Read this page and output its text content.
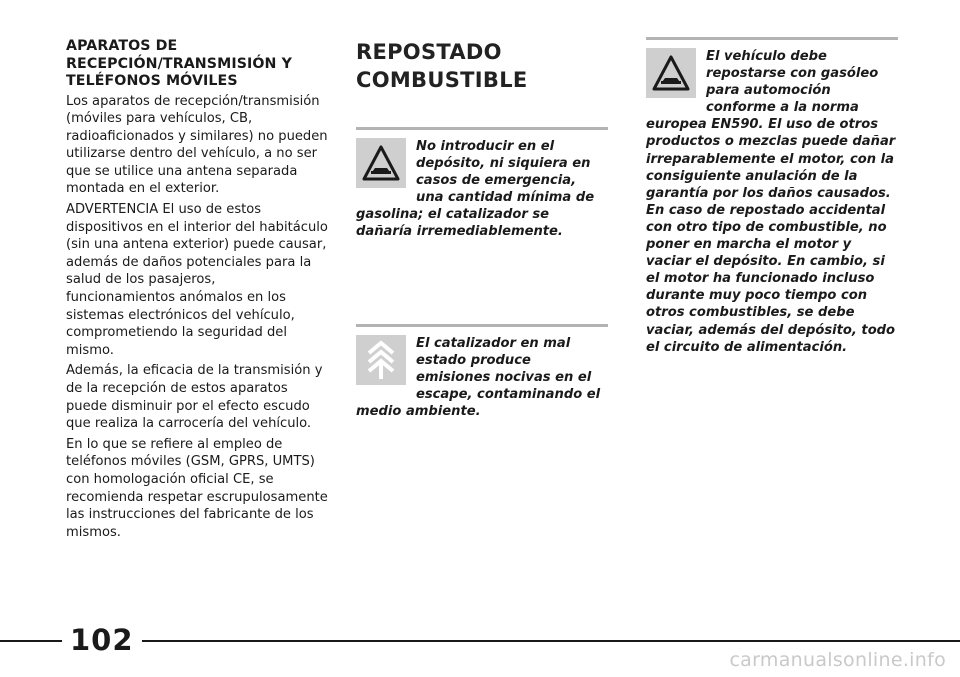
APARATOS DE RECEPCIÓN/TRANSMISIÓN Y TELÉFONOS MÓVILES

Los aparatos de recepción/transmisión (móviles para vehículos, CB, radioaficionados y similares) no pueden utilizarse dentro del vehículo, a no ser que se utilice una antena separada montada en el exterior.

ADVERTENCIA El uso de estos dispositivos en el interior del habitáculo (sin una antena exterior) puede causar, además de daños potenciales para la salud de los pasajeros, funcionamientos anómalos en los sistemas electrónicos del vehículo, comprometiendo la seguridad del mismo.

Además, la eficacia de la transmisión y de la recepción de estos aparatos puede disminuir por el efecto escudo que realiza la carrocería del vehículo.

En lo que se refiere al empleo de teléfonos móviles (GSM, GPRS, UMTS) con homologación oficial CE, se recomienda respetar escrupulosamente las instrucciones del fabricante de los mismos.

REPOSTADO COMBUSTIBLE

No introducir en el depósito, ni siquiera en casos de emergencia, una cantidad mínima de gasolina; el catalizador se dañaría irremediablemente.

El catalizador en mal estado produce emisiones nocivas en el escape, contaminando el medio ambiente.

El vehículo debe repostarse con gasóleo para automoción conforme a la norma europea EN590. El uso de otros productos o mezclas puede dañar irreparablemente el motor, con la consiguiente anulación de la garantía por los daños causados. En caso de repostado accidental con otro tipo de combustible, no poner en marcha el motor y vaciar el depósito. En cambio, si el motor ha funcionado incluso durante muy poco tiempo con otros combustibles, se debe vaciar, además del depósito, todo el circuito de alimentación.

102
carmanualsonline.info
